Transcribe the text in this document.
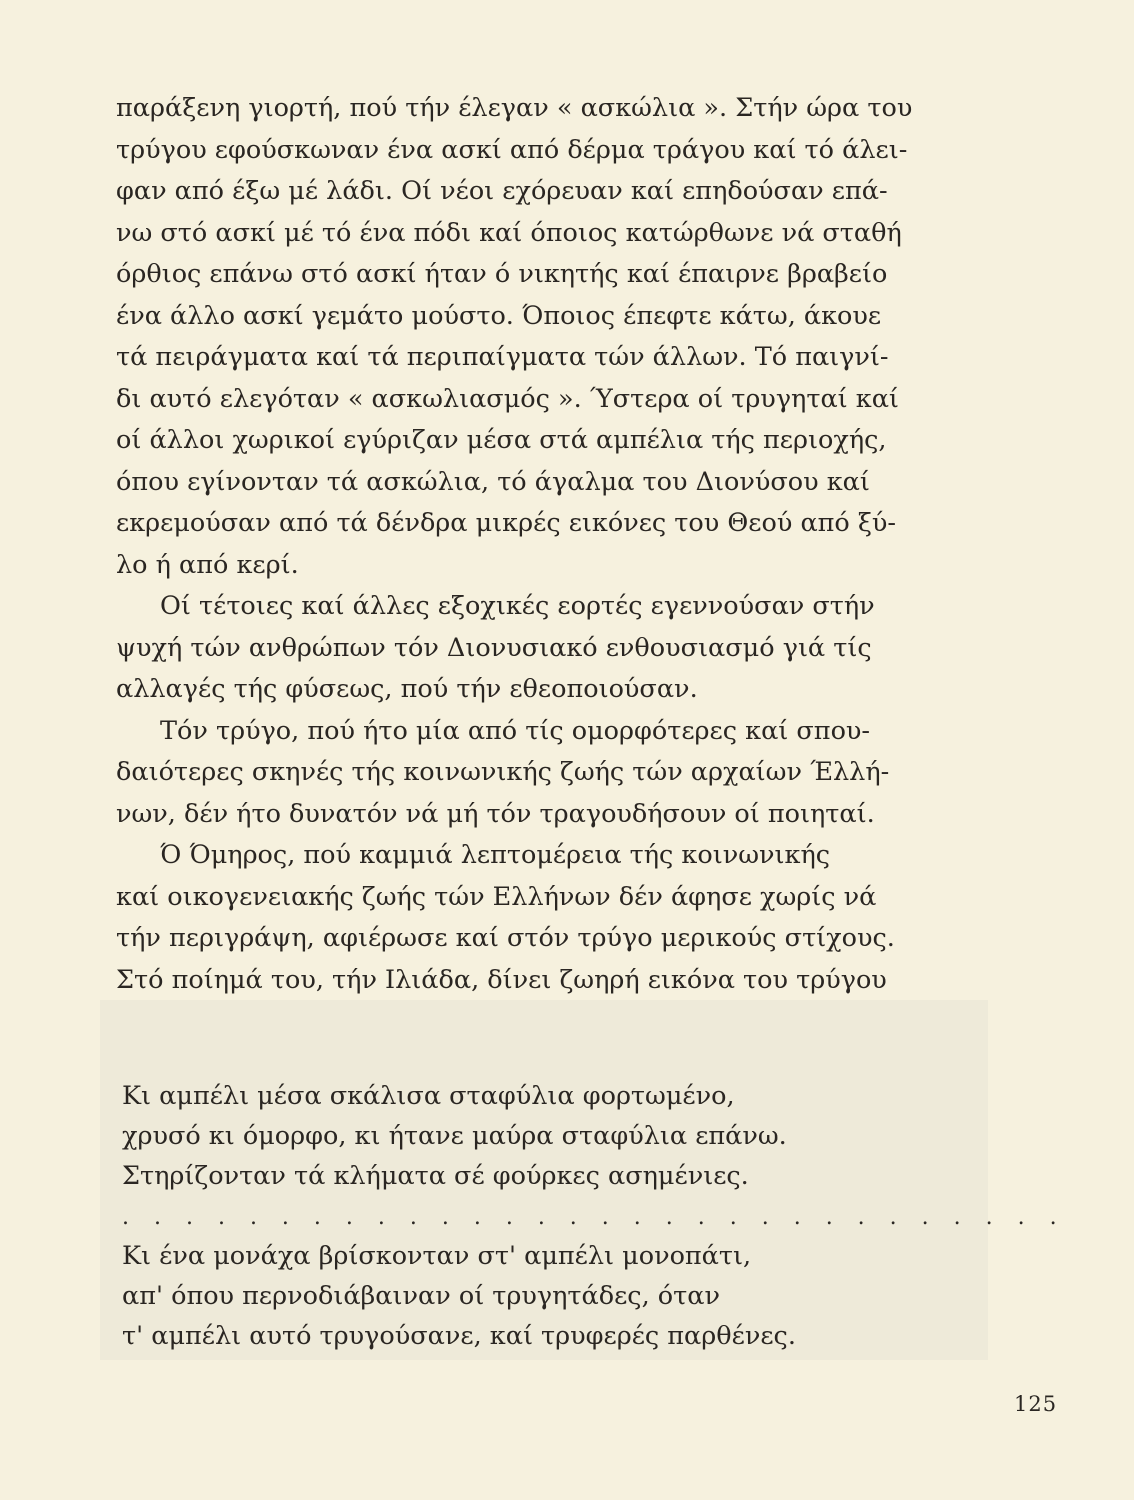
παράξενη γιορτή, πού τήν έλεγαν « ασκώλια ». Στήν ώρα του
τρύγου εφούσκωναν ένα ασκί από δέρμα τράγου καί τό άλει-
φαν από έξω μέ λάδι. Οί νέοι εχόρευαν καί επηδούσαν επά-
νω στό ασκί μέ τό ένα πόδι καί όποιος κατώρθωνε νά σταθή
όρθιος επάνω στό ασκί ήταν ό νικητής καί έπαιρνε βραβείο
ένα άλλο ασκί γεμάτο μούστο. Όποιος έπεφτε κάτω, άκουε
τά πειράγματα καί τά περιπαίγματα τών άλλων. Τό παιγνί-
δι αυτό ελεγόταν « ασκωλιασμός ». Ύστερα οί τρυγηταί καί
οί άλλοι χωρικοί εγύριζαν μέσα στά αμπέλια τής περιοχής,
όπου εγίνονταν τά ασκώλια, τό άγαλμα του Διονύσου καί
εκρεμούσαν από τά δένδρα μικρές εικόνες του Θεού από ξύ-
λο ή από κερί.
Οί τέτοιες καί άλλες εξοχικές εορτές εγεννούσαν στήν
ψυχή τών ανθρώπων τόν Διονυσιακό ενθουσιασμό γιά τίς
αλλαγές τής φύσεως, πού τήν εθεοποιούσαν.
Τόν τρύγο, πού ήτο μία από τίς ομορφότερες καί σπου-
δαιότερες σκηνές τής κοινωνικής ζωής τών αρχαίων Έλλή-
νων, δέν ήτο δυνατόν νά μή τόν τραγουδήσουν οί ποιηταί.
Ό Όμηρος, πού καμμιά λεπτομέρεια τής κοινωνικής
καί οικογενειακής ζωής τών Ελλήνων δέν άφησε χωρίς νά
τήν περιγράψη, αφιέρωσε καί στόν τρύγο μερικούς στίχους.
Στό ποίημά του, τήν Ιλιάδα, δίνει ζωηρή εικόνα του τρύγου
Κι αμπέλι μέσα σκάλισα σταφύλια φορτωμένο,
χρυσό κι όμορφο, κι ήτανε μαύρα σταφύλια επάνω.
Στηρίζονταν τά κλήματα σέ φούρκες ασημένιες.
. . . . . . . . . . . . . . . . . . . . . . . . . . . . . .
Κι ένα μονάχα βρίσκονταν στ' αμπέλι μονοπάτι,
απ' όπου περνοδιάβαιναν οί τρυγητάδες, όταν
τ' αμπέλι αυτό τρυγούσανε, καί τρυφερές παρθένες.
125
